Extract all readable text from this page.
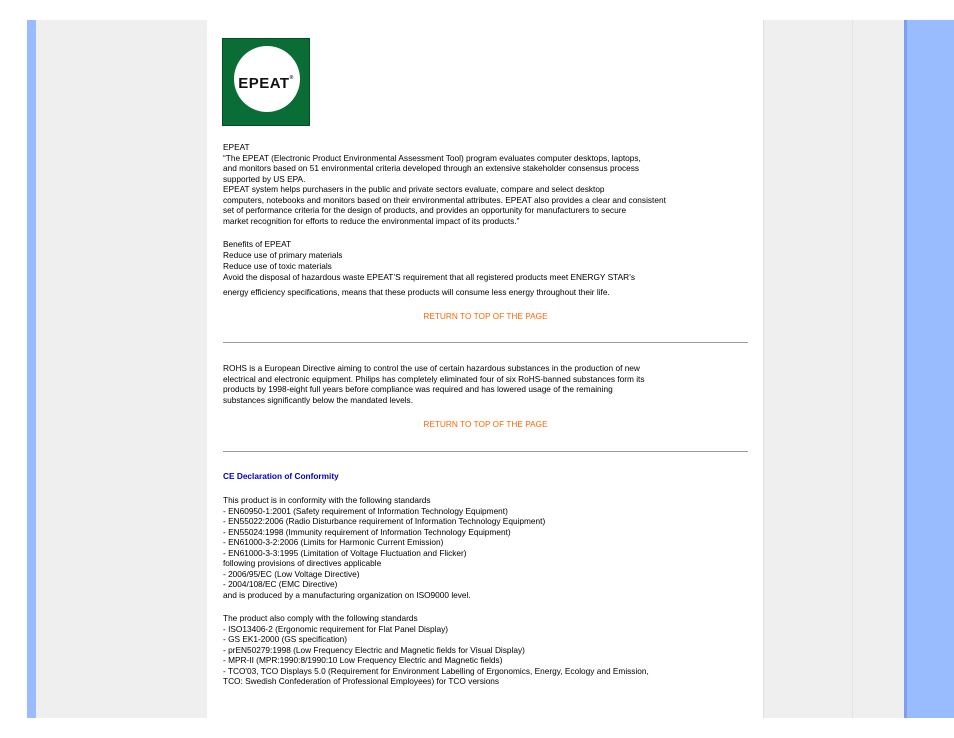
EPEAT®
EPEAT
“The EPEAT (Electronic Product Environmental Assessment Tool) program evaluates computer desktops, laptops,
and monitors based on 51 environmental criteria developed through an extensive stakeholder consensus process
supported by US EPA.
EPEAT system helps purchasers in the public and private sectors evaluate, compare and select desktop
computers, notebooks and monitors based on their environmental attributes. EPEAT also provides a clear and consistent
set of performance criteria for the design of products, and provides an opportunity for manufacturers to secure
market recognition for efforts to reduce the environmental impact of its products.”
Benefits of EPEAT
Reduce use of primary materials
Reduce use of toxic materials
Avoid the disposal of hazardous waste EPEAT’S requirement that all registered products meet ENERGY STAR’s
energy efficiency specifications, means that these products will consume less energy throughout their life.
RETURN TO TOP OF THE PAGE
ROHS is a European Directive aiming to control the use of certain hazardous substances in the production of new
electrical and electronic equipment. Philips has completely eliminated four of six RoHS-banned substances form its
products by 1998-eight full years before compliance was required and has lowered usage of the remaining
substances significantly below the mandated levels.
RETURN TO TOP OF THE PAGE
CE Declaration of Conformity
This product is in conformity with the following standards
- EN60950-1:2001 (Safety requirement of Information Technology Equipment)
- EN55022:2006 (Radio Disturbance requirement of Information Technology Equipment)
- EN55024:1998 (Immunity requirement of Information Technology Equipment)
- EN61000-3-2:2006 (Limits for Harmonic Current Emission)
- EN61000-3-3:1995 (Limitation of Voltage Fluctuation and Flicker)
following provisions of directives applicable
- 2006/95/EC (Low Voltage Directive)
- 2004/108/EC (EMC Directive)
and is produced by a manufacturing organization on ISO9000 level.
The product also comply with the following standards
- ISO13406-2 (Ergonomic requirement for Flat Panel Display)
- GS EK1-2000 (GS specification)
- prEN50279:1998 (Low Frequency Electric and Magnetic fields for Visual Display)
- MPR-II (MPR:1990:8/1990:10 Low Frequency Electric and Magnetic fields)
- TCO'03, TCO Displays 5.0 (Requirement for Environment Labelling of Ergonomics, Energy, Ecology and Emission,
TCO: Swedish Confederation of Professional Employees) for TCO versions
